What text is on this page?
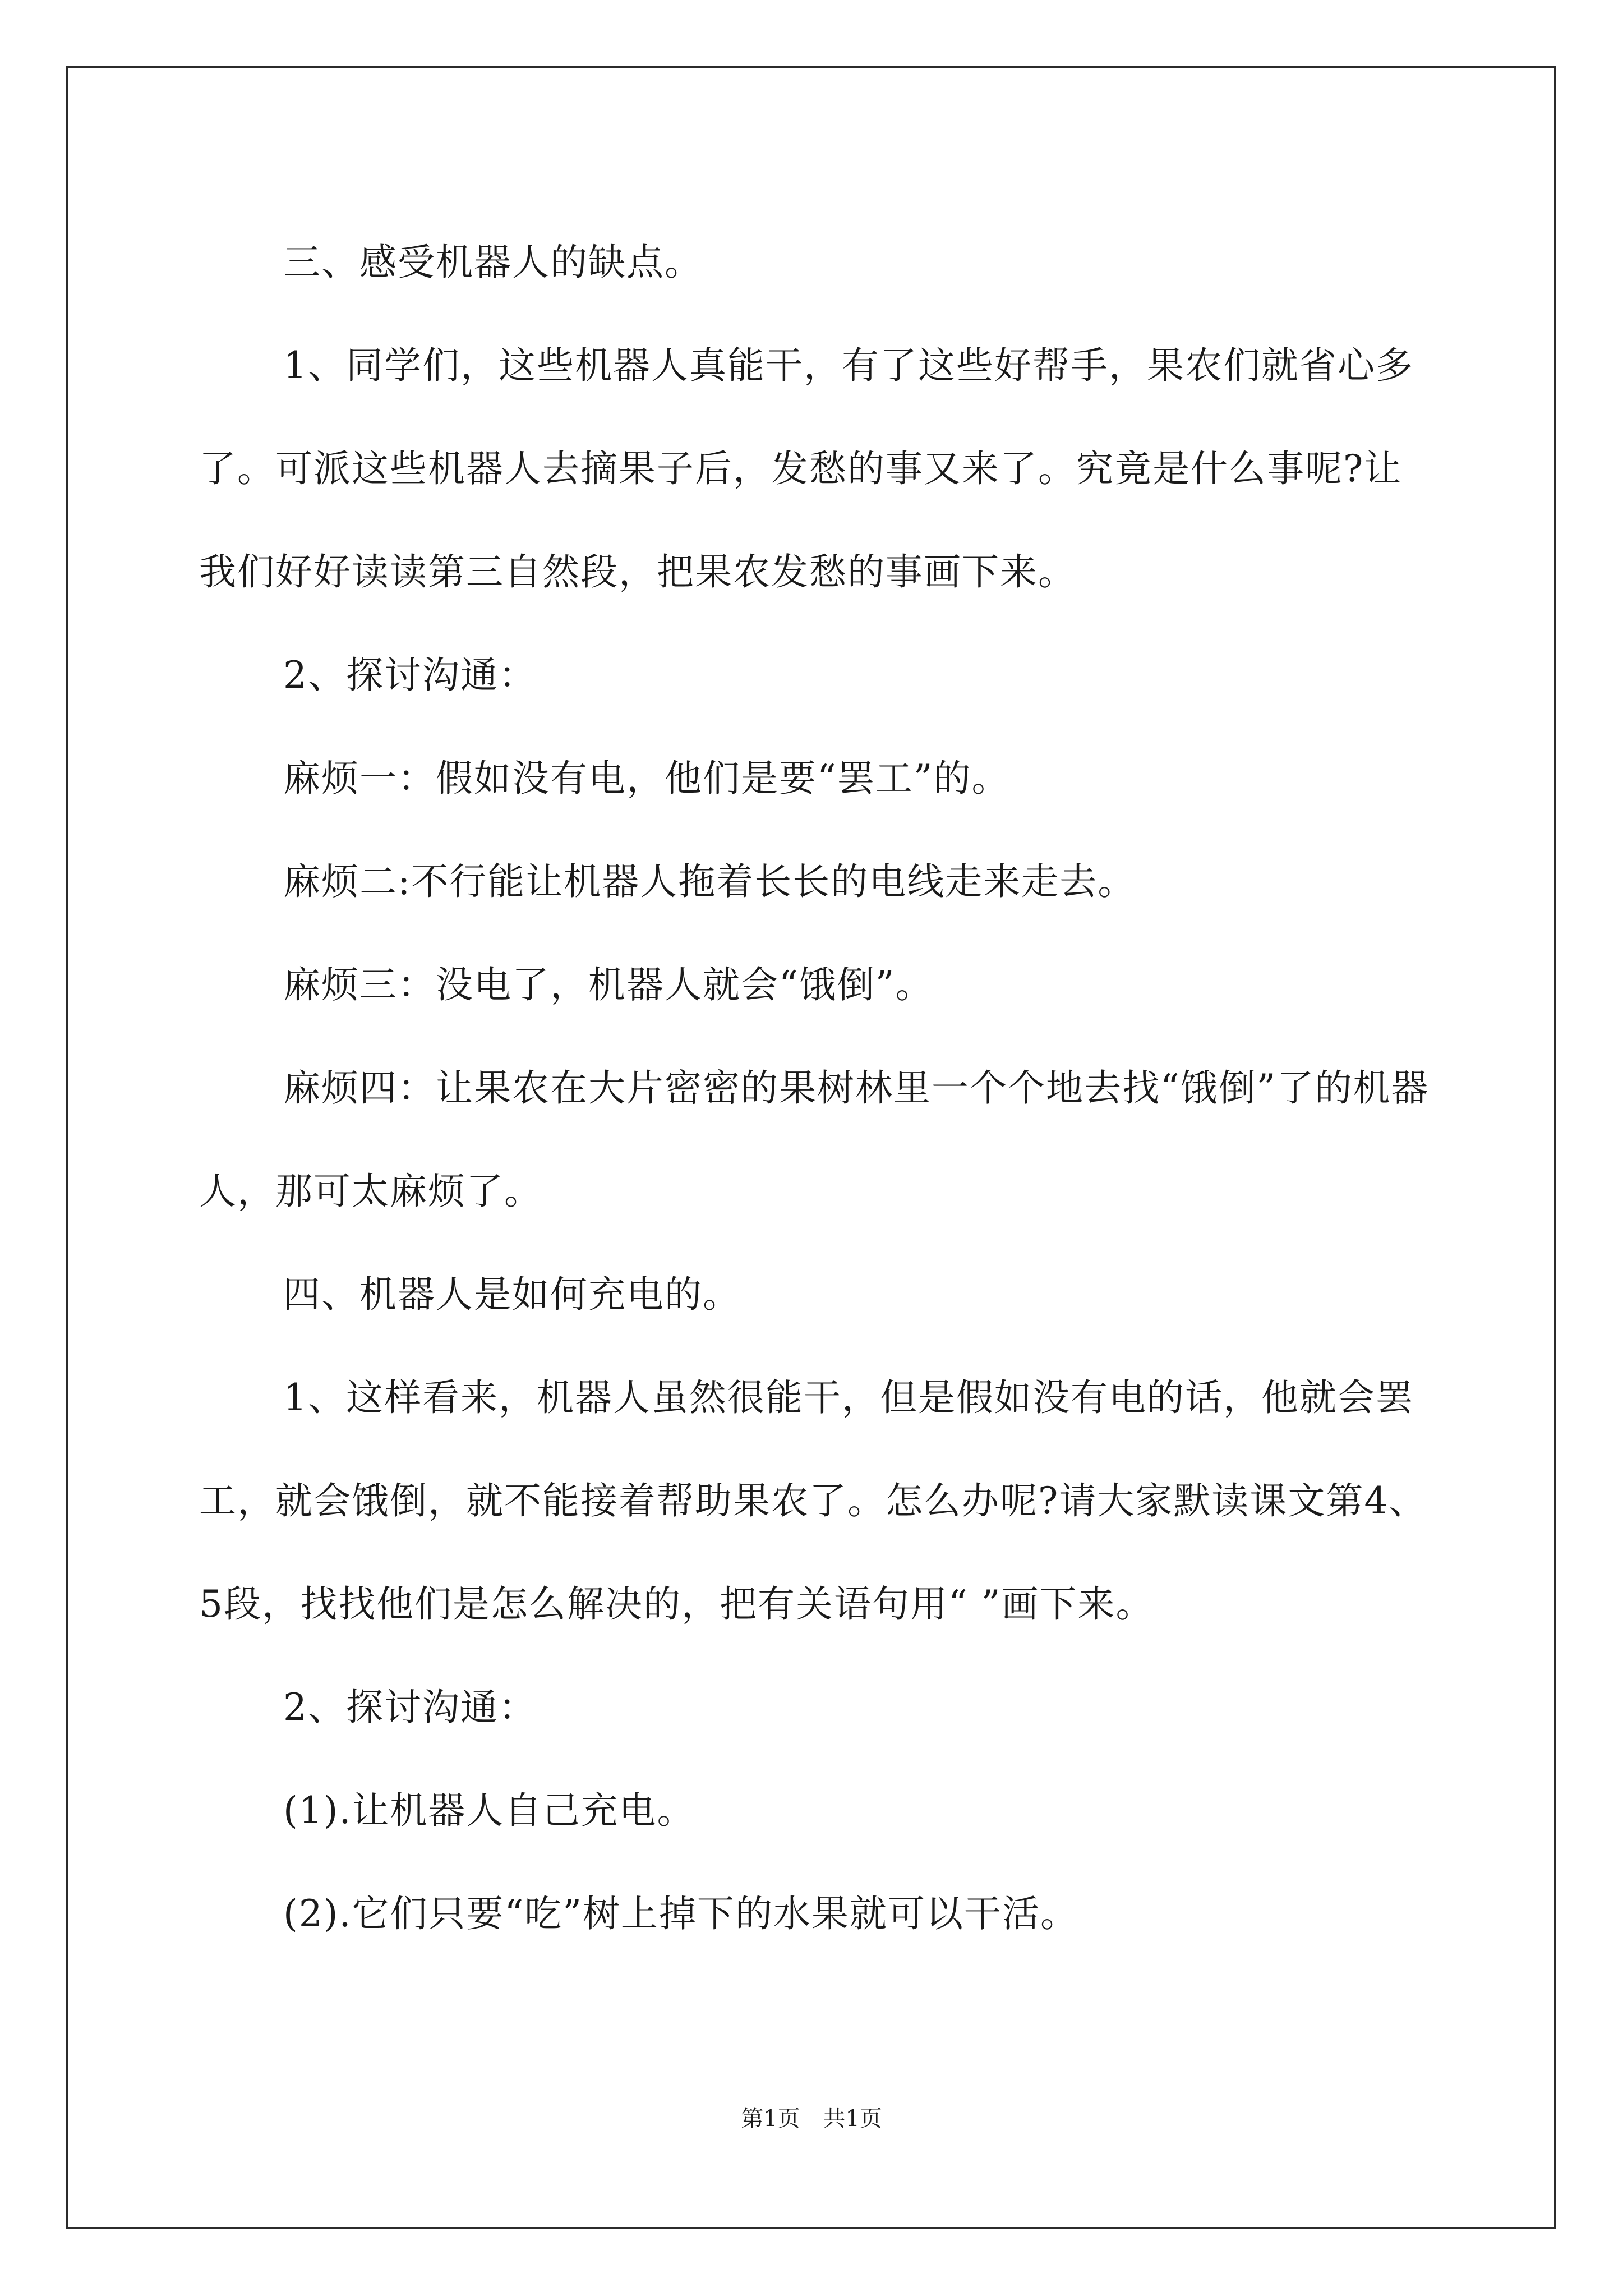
三、感受机器人的缺点。

1、同学们，这些机器人真能干，有了这些好帮手，果农们就省心多了。可派这些机器人去摘果子后，发愁的事又来了。究竟是什么事呢?让我们好好读读第三自然段，把果农发愁的事画下来。

2、探讨沟通：

麻烦一：假如没有电，他们是要“罢工”的。

麻烦二:不行能让机器人拖着长长的电线走来走去。

麻烦三：没电了，机器人就会“饿倒”。

麻烦四：让果农在大片密密的果树林里一个个地去找“饿倒”了的机器人，那可太麻烦了。

四、机器人是如何充电的。

1、这样看来，机器人虽然很能干，但是假如没有电的话，他就会罢工，就会饿倒，就不能接着帮助果农了。怎么办呢?请大家默读课文第4、5段，找找他们是怎么解决的，把有关语句用“ ”画下来。

2、探讨沟通：

(1).让机器人自己充电。

(2).它们只要“吃”树上掉下的水果就可以干活。

第1页 共1页
